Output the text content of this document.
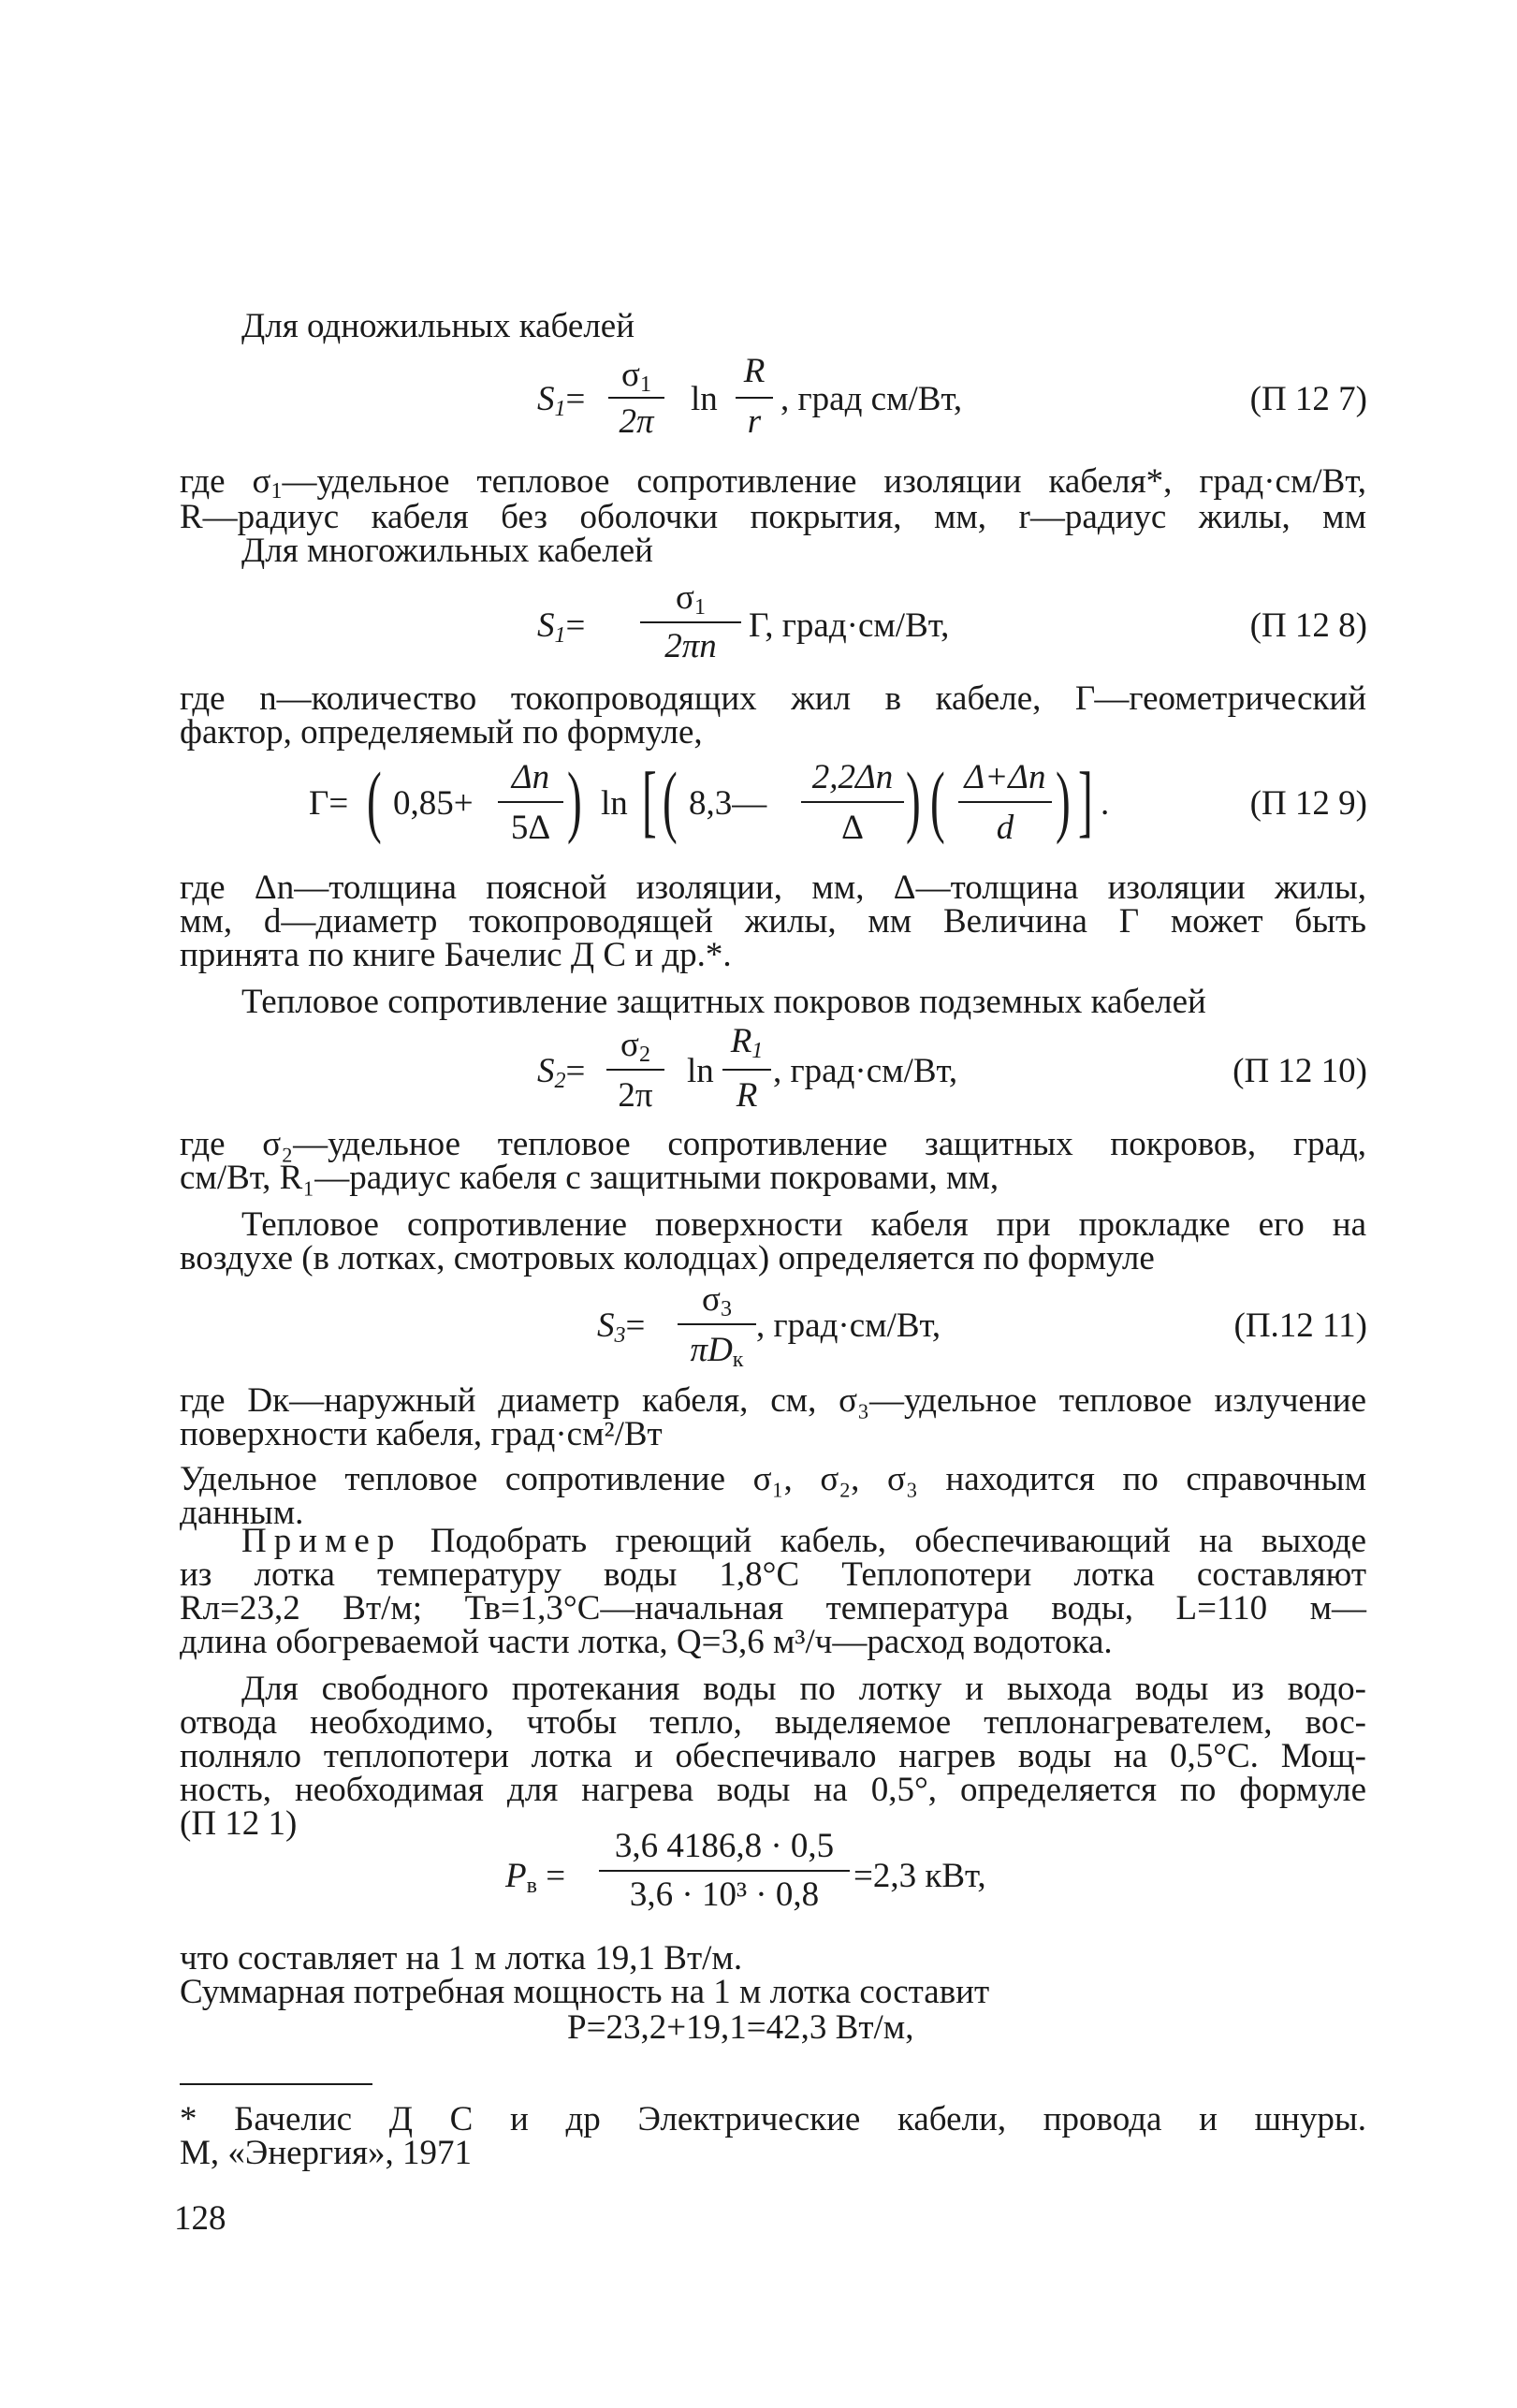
Для одножильных кабелей
$S_1=$
$\sigma_1$
2π
ln
R
r
, град см/Вт,	(П 12 7)
где $\sigma_1—удельное$ тепловое сопротивление изоляции кабеля*, град·см/Вт,
R—радиус кабеля без оболочки покрытия, мм, r—радиус жилы, мм
Для многожильных кабелей
$S_1=$
$\sigma_1$
2πn
Г, град·см/Вт,	(П 12 8)
где n—количество токопроводящих жил в кабеле, Г—геометрический
фактор, определяемый по формуле,
Г= ( 0,85+
Δn
5Δ ) ln [ ( 8,3—
2,2Δn
Δ ) ( Δ+Δn
d ) ] .	(П 12 9)
где Δn—толщина поясной изоляции, мм, Δ—толщина изоляции жилы,
мм, d—диаметр токопроводящей жилы, мм Величина Г может быть
принята по книге Бачелис Д С и др.*.
Тепловое сопротивление защитных покровов подземных кабелей
$S_2=$
$\sigma_2$
2π
ln
$R_1$
R
, град·см/Вт,	(П 12 10)
где σ₂—удельное тепловое сопротивление защитных покровов, град,
см/Вт, R₁—радиус кабеля с защитными покровами, мм,
Тепловое сопротивление поверхности кабеля при прокладке его на
воздухе (в лотках, смотровых колодцах) определяется по формуле
$S_3=$
$\sigma_3$
$\pi D_к$
, град·см/Вт,	(П.12 11)
где Dк—наружный диаметр кабеля, см, σ₃—удельное тепловое излучение
поверхности кабеля, град·см²/Вт
Удельное тепловое сопротивление σ₁, σ₂, σ₃ находится по справочным
данным.
Пример Подобрать греющий кабель, обеспечивающий на выходе
из лотка температуру воды 1,8°С Теплопотери лотка составляют
Rл=23,2 Вт/м; Тв=1,3°С—начальная температура воды, L=110 м—
длина обогреваемой части лотка, Q=3,6 м³/ч—расход водотока.
Для свободного протекания воды по лотку и выхода воды из водо-
отвода необходимо, чтобы тепло, выделяемое теплонагревателем, вос-
полняло теплопотери лотка и обеспечивало нагрев воды на 0,5°С. Мощ-
ность, необходимая для нагрева воды на 0,5°, определяется по формуле
(П 12 1)
$P_в$ =
3,6 4186,8 · 0,5
3,6 · 10³ · 0,8 =2,3 кВт,
что составляет на 1 м лотка 19,1 Вт/м.
Суммарная потребная мощность на 1 м лотка составит
P=23,2+19,1=42,3 Вт/м,
* Бачелис Д С и др Электрические кабели, провода и шнуры.
М, «Энергия», 1971
128
